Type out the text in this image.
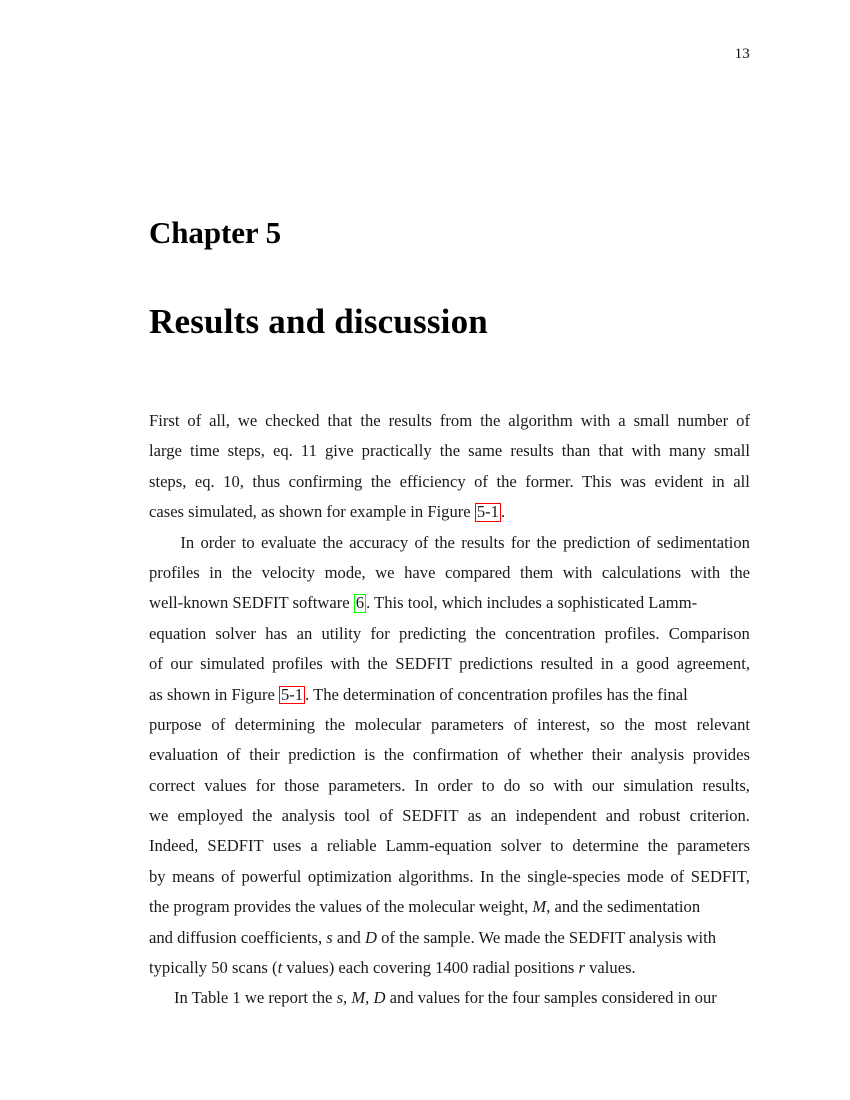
13
Chapter 5
Results and discussion
First of all, we checked that the results from the algorithm with a small number of
large time steps, eq. 11 give practically the same results than that with many small
steps, eq. 10, thus confirming the efficiency of the former. This was evident in all
cases simulated, as shown for example in Figure 5-1 .
In order to evaluate the accuracy of the results for the prediction of sedimentation
profiles in the velocity mode, we have compared them with calculations with the
well-known SEDFIT software 6 . This tool, which includes a sophisticated Lamm-
equation solver has an utility for predicting the concentration profiles. Comparison
of our simulated profiles with the SEDFIT predictions resulted in a good agreement,
as shown in Figure 5-1 . The determination of concentration profiles has the final
purpose of determining the molecular parameters of interest, so the most relevant
evaluation of their prediction is the confirmation of whether their analysis provides
correct values for those parameters. In order to do so with our simulation results,
we employed the analysis tool of SEDFIT as an independent and robust criterion.
Indeed, SEDFIT uses a reliable Lamm-equation solver to determine the parameters
by means of powerful optimization algorithms. In the single-species mode of SEDFIT,
the program provides the values of the molecular weight, M, and the sedimentation
and diffusion coefficients, s and D of the sample. We made the SEDFIT analysis with
typically 50 scans (t values) each covering 1400 radial positions r values.
In Table 1 we report the s, M, D and values for the four samples considered in our
